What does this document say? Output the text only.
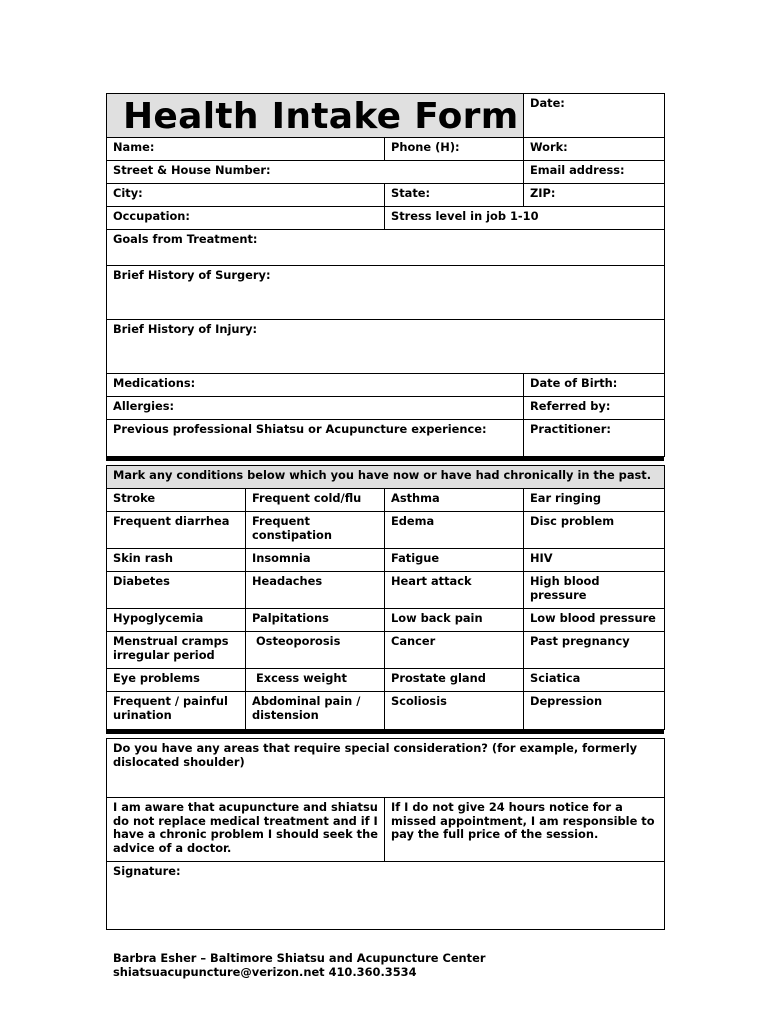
Health Intake Form		Date:
Name:	Phone (H):	Work:
Street & House Number:		Email address:
City:	State:	ZIP:
Occupation:	Stress level in job 1-10	
Goals from Treatment:		
Brief History of Surgery:		
Brief History of Injury:		
Medications:		Date of Birth:
Allergies:		Referred by:
Previous professional Shiatsu or Acupuncture experience:		Practitioner:
Mark any conditions below which you have now or have had chronically in the past.			
Stroke	Frequent cold/flu	Asthma	Ear ringing
Frequent diarrhea	Frequent constipation	Edema	Disc problem
Skin rash	Insomnia	Fatigue	HIV
Diabetes	Headaches	Heart attack	High blood pressure
Hypoglycemia	Palpitations	Low back pain	Low blood pressure
Menstrual cramps irregular period	Osteoporosis	Cancer	Past pregnancy
Eye problems	Excess weight	Prostate gland	Sciatica
Frequent / painful urination	Abdominal pain / distension	Scoliosis	Depression
Do you have any areas that require special consideration? (for example, formerly dislocated shoulder)
I am aware that acupuncture and shiatsu do not replace medical treatment and if I have a chronic problem I should seek the advice of a doctor.	If I do not give 24 hours notice for a missed appointment, I am responsible to pay the full price of the session.
Signature:
Barbra Esher – Baltimore Shiatsu and Acupuncture Center
shiatsuacupuncture@verizon.net 410.360.3534
